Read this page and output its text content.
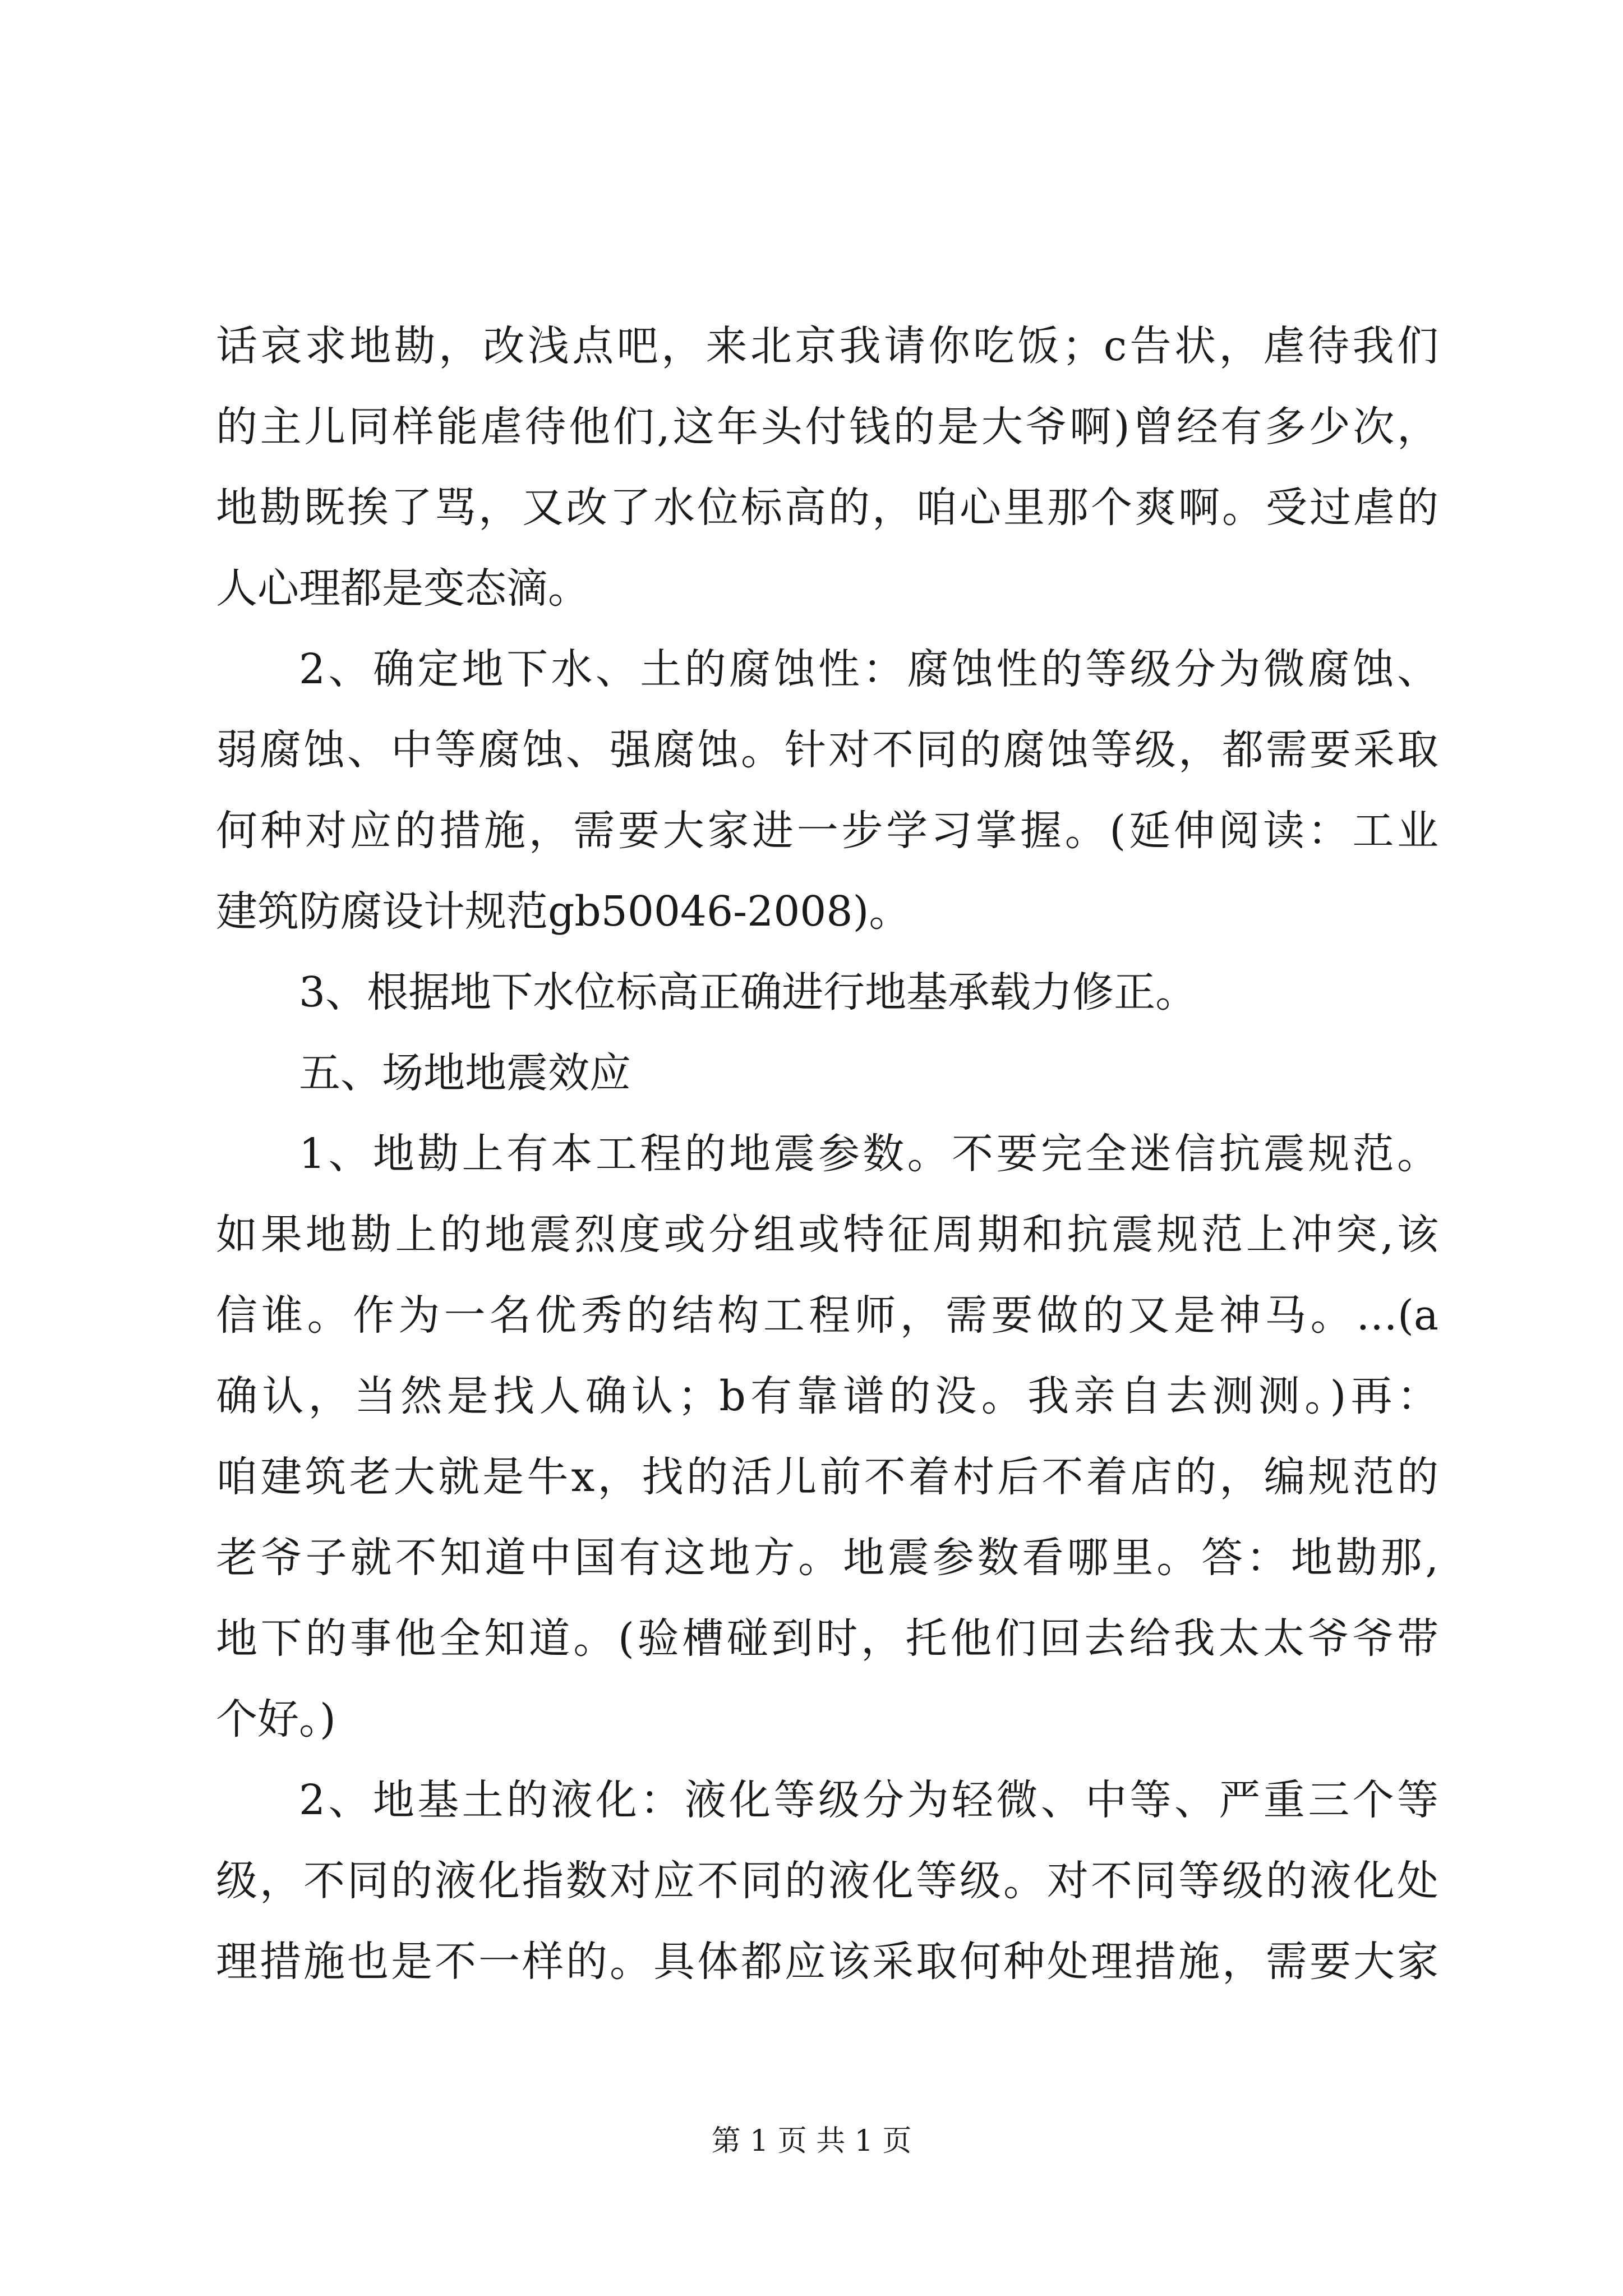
话哀求地勘，改浅点吧，来北京我请你吃饭；c告状，虐待我们
的主儿同样能虐待他们,这年头付钱的是大爷啊)曾经有多少次，
地勘既挨了骂，又改了水位标高的，咱心里那个爽啊。受过虐的
人心理都是变态滴。
2、确定地下水、土的腐蚀性：腐蚀性的等级分为微腐蚀、
弱腐蚀、中等腐蚀、强腐蚀。针对不同的腐蚀等级，都需要采取
何种对应的措施，需要大家进一步学习掌握。(延伸阅读：工业
建筑防腐设计规范gb50046-2008)。
3、根据地下水位标高正确进行地基承载力修正。
五、场地地震效应
1、地勘上有本工程的地震参数。不要完全迷信抗震规范。
如果地勘上的地震烈度或分组或特征周期和抗震规范上冲突,该
信谁。作为一名优秀的结构工程师，需要做的又是神马。…(a
确认，当然是找人确认；b有靠谱的没。我亲自去测测。)再：
咱建筑老大就是牛x，找的活儿前不着村后不着店的，编规范的
老爷子就不知道中国有这地方。地震参数看哪里。答：地勘那,
地下的事他全知道。(验槽碰到时，托他们回去给我太太爷爷带
个好。)
2、地基土的液化：液化等级分为轻微、中等、严重三个等
级，不同的液化指数对应不同的液化等级。对不同等级的液化处
理措施也是不一样的。具体都应该采取何种处理措施，需要大家
第 1 页 共 1 页
